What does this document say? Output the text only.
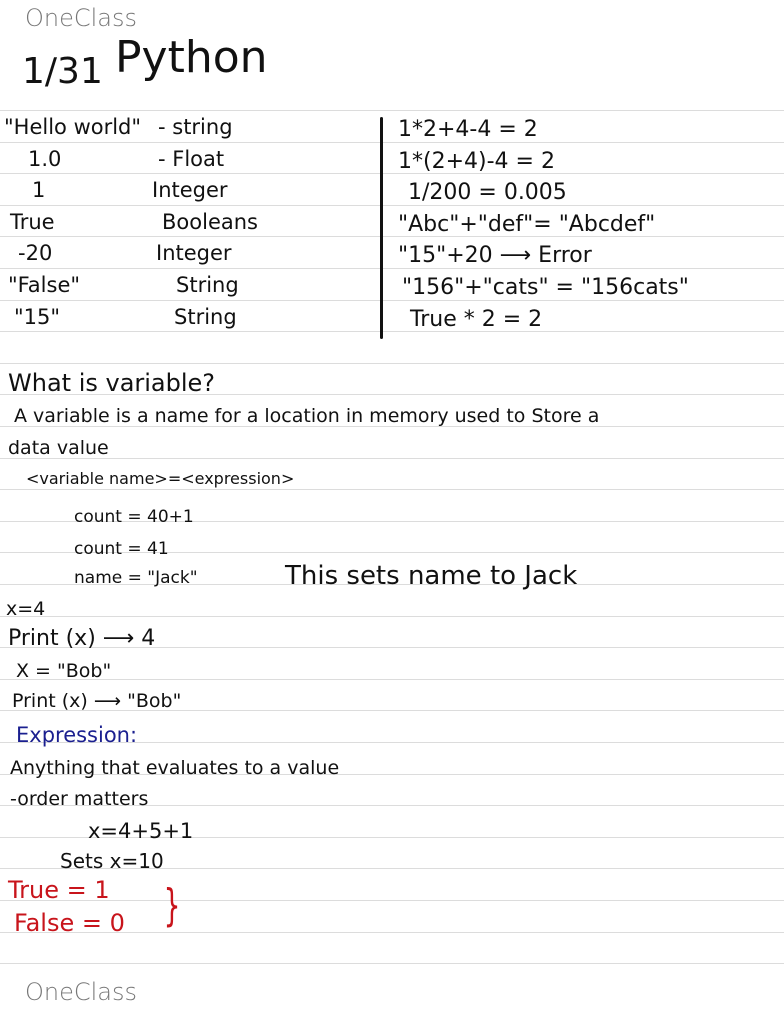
OneClass
1/31 Python
"Hello world" - string
1.0	- Float
1	Integer
True	Booleans
-20	Integer
"False"	String
"15"	String
1*2+4-4 = 2
1*(2+4)-4 = 2
1/200 = 0.005
"Abc"+"def"= "Abcdef"
"15"+20 ⟶ Error
"156"+"cats" = "156cats"
True * 2 = 2
What is variable?
A variable is a name for a location in memory used to Store a
data value
<variable name>=<expression>
count = 40+1
count = 41
name = "Jack"	This sets name to Jack
x=4
Print (x) ⟶ 4
X = "Bob"
Print (x) ⟶ "Bob"
Expression:
Anything that evaluates to a value
-order matters
x=4+5+1
Sets x=10
True = 1
False = 0 }
OneClass
